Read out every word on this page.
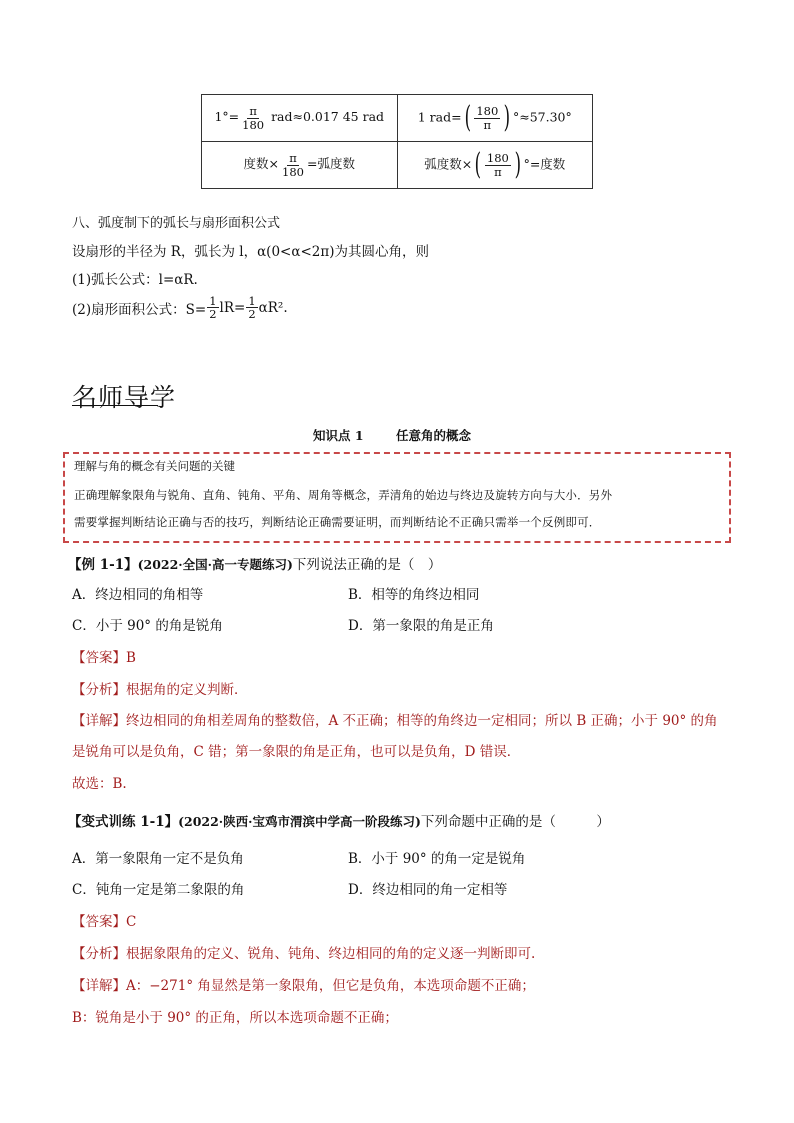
$1^\circ= \frac{\pi}{180} rad\approx 0.017$ 45 rad	1 $rad=( \frac{180}{\pi}$ ) °≈57.30°
度数× $\frac{\pi}{180}$ =弧度数	弧度数×( $\frac{180}{\pi}$ ) °=度数
八、弧度制下的弧长与扇形面积公式
设扇形的半径为 R，弧长为 l，α(0<α<2π)为其圆心角，则
(1)弧长公式：l=αR.
(2)扇形面积公式：$S= \frac{1}{2} lR= \frac{1}{2} \alpha R^2$.
名师导学
知识点 1	任意角的概念
理解与角的概念有关问题的关键
正确理解象限角与锐角、直角、钝角、平角、周角等概念，弄清角的始边与终边及旋转方向与大小．另外
需要掌握判断结论正确与否的技巧，判断结论正确需要证明，而判断结论不正确只需举一个反例即可．
【例 1-1】(2022·全国·高一专题练习)下列说法正确的是（　）
A．终边相同的角相等	B．相等的角终边相同
C．小于 90° 的角是锐角	D．第一象限的角是正角
【答案】B
【分析】根据角的定义判断．
【详解】终边相同的角相差周角的整数倍，A 不正确；相等的角终边一定相同；所以 B 正确；小于 90° 的角
是锐角可以是负角，C 错；第一象限的角是正角，也可以是负角，D 错误．
故选：B.
【变式训练 1-1】(2022·陕西·宝鸡市渭滨中学高一阶段练习)下列命题中正确的是（　　　）
A．第一象限角一定不是负角	B．小于 90° 的角一定是锐角
C．钝角一定是第二象限的角	D．终边相同的角一定相等
【答案】C
【分析】根据象限角的定义、锐角、钝角、终边相同的角的定义逐一判断即可.
【详解】A：−271° 角显然是第一象限角，但它是负角，本选项命题不正确；
B：锐角是小于 90° 的正角，所以本选项命题不正确；
